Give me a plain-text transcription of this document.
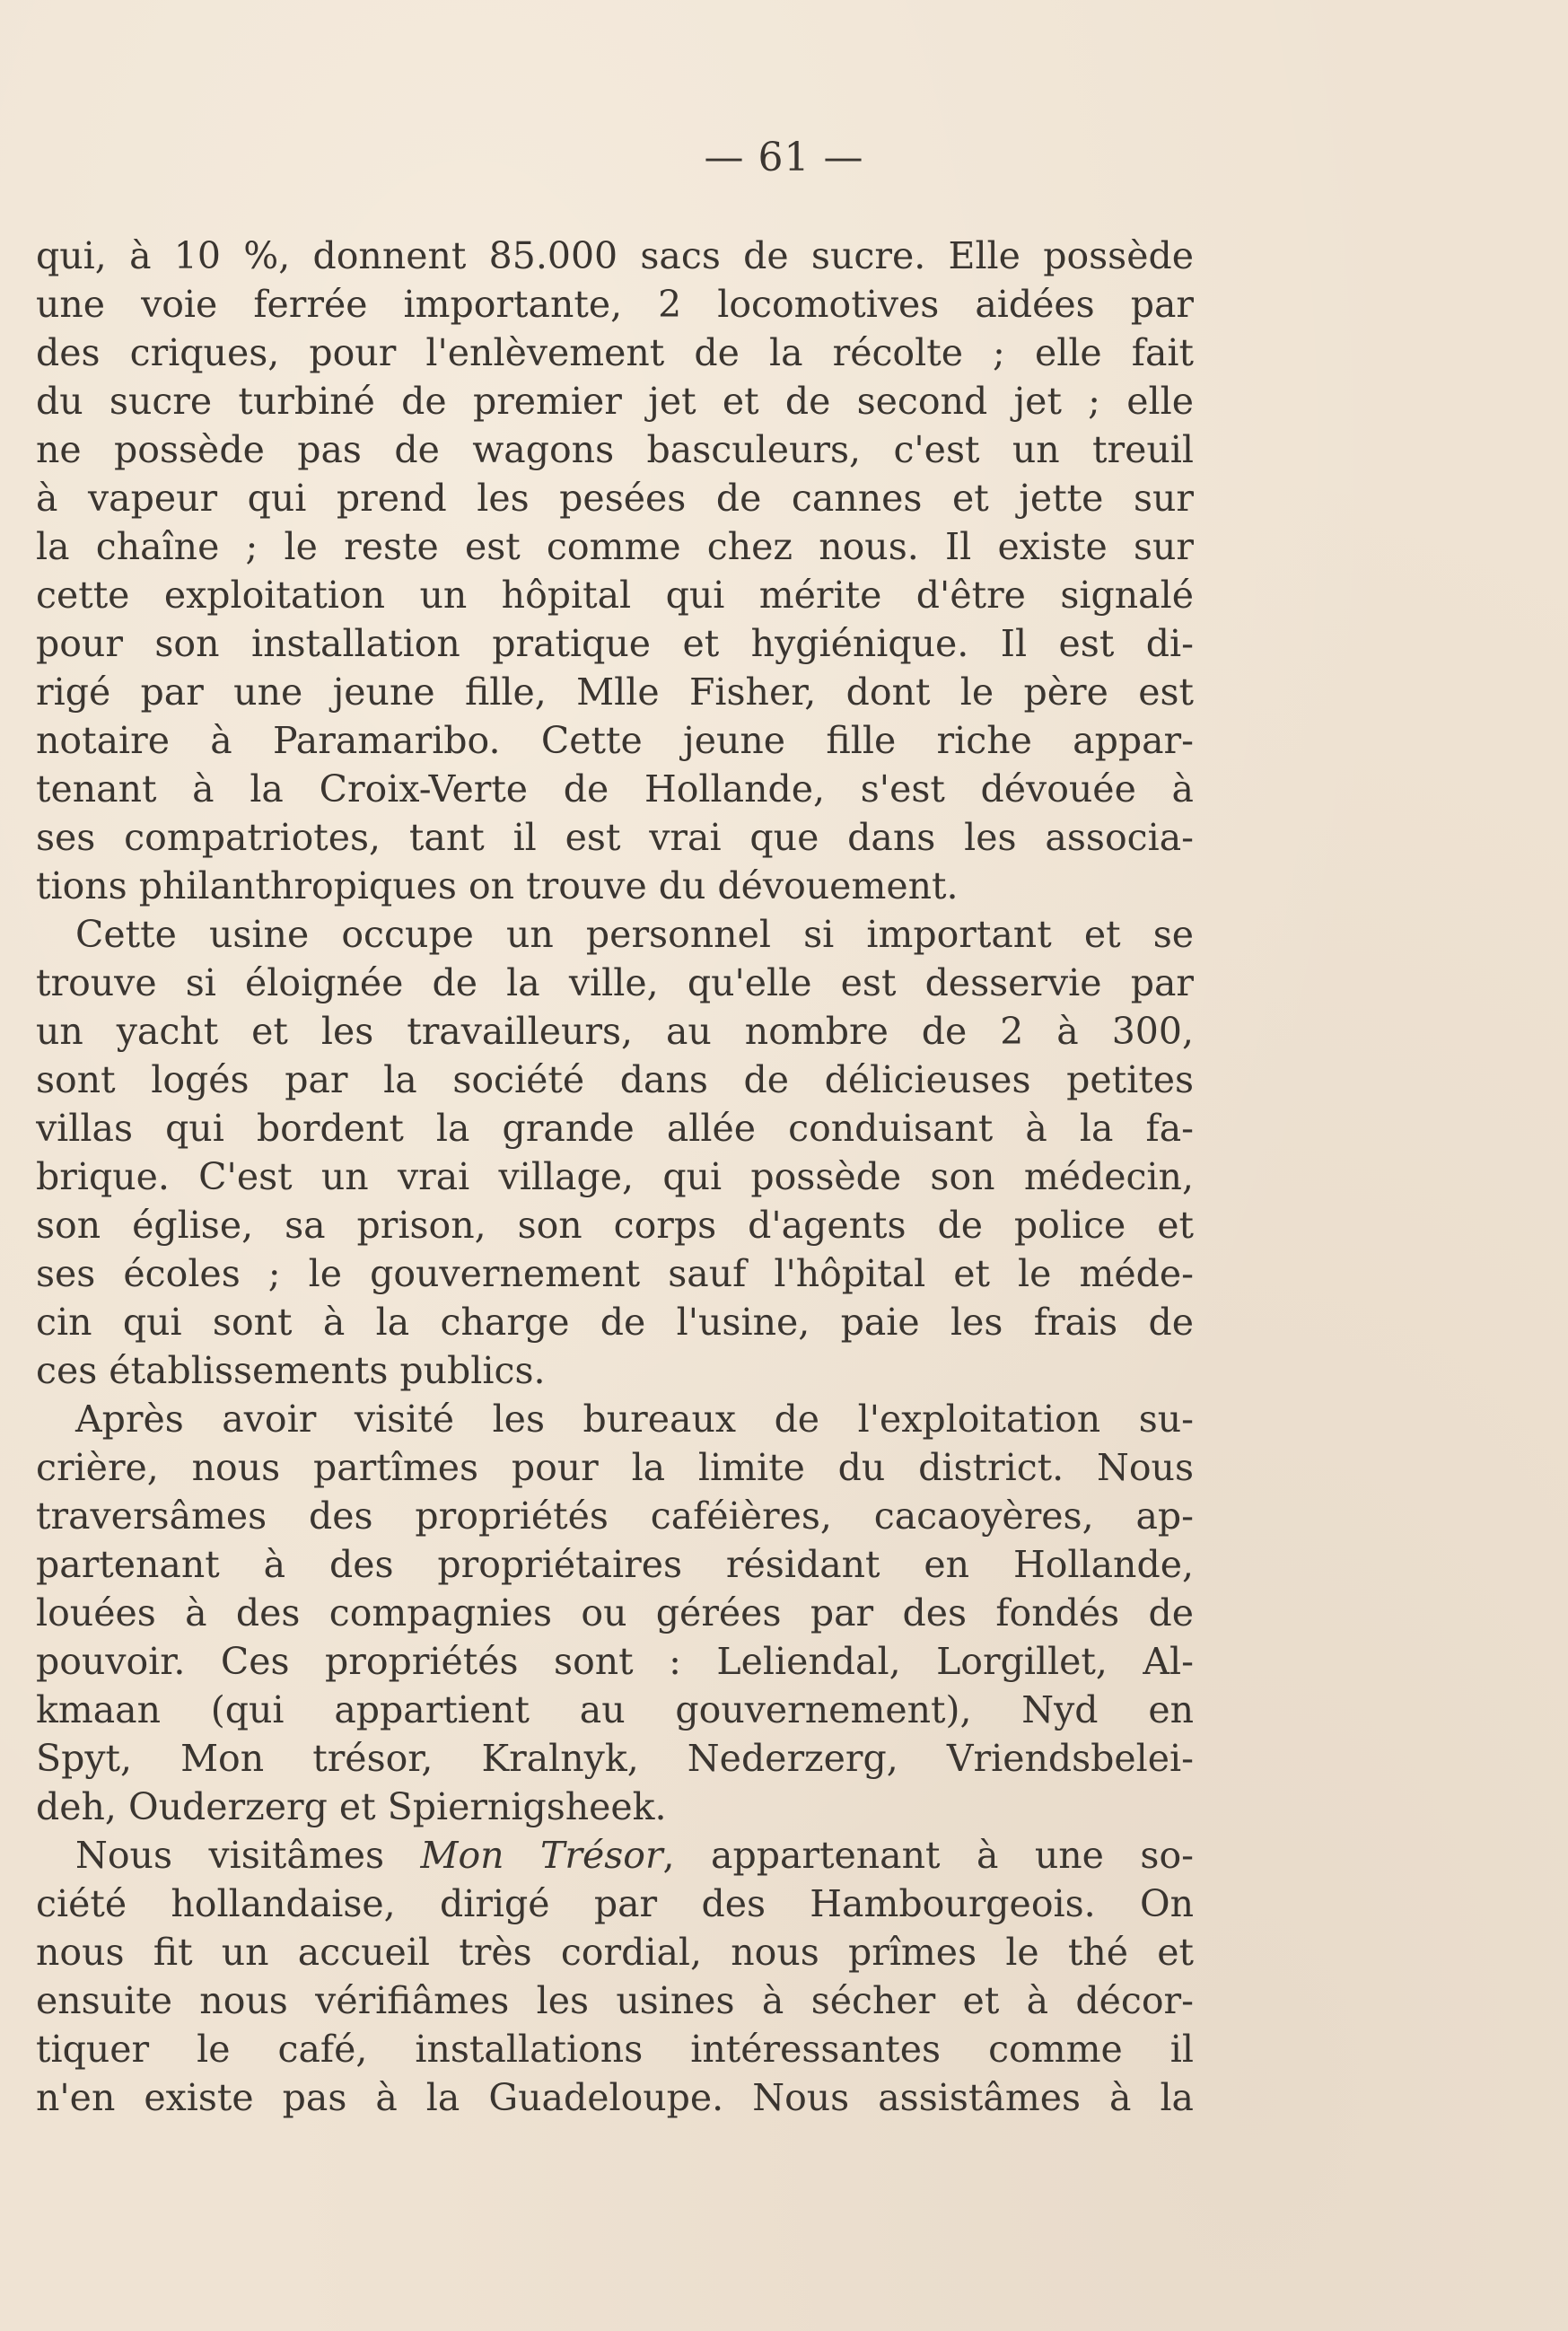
— 61 —
qui, à 10 %, donnent 85.000 sacs de sucre. Elle possède
une voie ferrée importante, 2 locomotives aidées par
des criques, pour l'enlèvement de la récolte ; elle fait
du sucre turbiné de premier jet et de second jet ; elle
ne possède pas de wagons basculeurs, c'est un treuil
à vapeur qui prend les pesées de cannes et jette sur
la chaîne ; le reste est comme chez nous. Il existe sur
cette exploitation un hôpital qui mérite d'être signalé
pour son installation pratique et hygiénique. Il est di-
rigé par une jeune fille, Mlle Fisher, dont le père est
notaire à Paramaribo. Cette jeune fille riche appar-
tenant à la Croix-Verte de Hollande, s'est dévouée à
ses compatriotes, tant il est vrai que dans les associa-
tions philanthropiques on trouve du dévouement.
Cette usine occupe un personnel si important et se
trouve si éloignée de la ville, qu'elle est desservie par
un yacht et les travailleurs, au nombre de 2 à 300,
sont logés par la société dans de délicieuses petites
villas qui bordent la grande allée conduisant à la fa-
brique. C'est un vrai village, qui possède son médecin,
son église, sa prison, son corps d'agents de police et
ses écoles ; le gouvernement sauf l'hôpital et le méde-
cin qui sont à la charge de l'usine, paie les frais de
ces établissements publics.
Après avoir visité les bureaux de l'exploitation su-
crière, nous partîmes pour la limite du district. Nous
traversâmes des propriétés caféières, cacaoyères, ap-
partenant à des propriétaires résidant en Hollande,
louées à des compagnies ou gérées par des fondés de
pouvoir. Ces propriétés sont : Leliendal, Lorgillet, Al-
kmaan (qui appartient au gouvernement), Nyd en
Spyt, Mon trésor, Kralnyk, Nederzerg, Vriendsbelei-
deh, Ouderzerg et Spiernigsheek.
Nous visitâmes Mon Trésor, appartenant à une so-
ciété hollandaise, dirigé par des Hambourgeois. On
nous fit un accueil très cordial, nous prîmes le thé et
ensuite nous vérifiâmes les usines à sécher et à décor-
tiquer le café, installations intéressantes comme il
n'en existe pas à la Guadeloupe. Nous assistâmes à la
